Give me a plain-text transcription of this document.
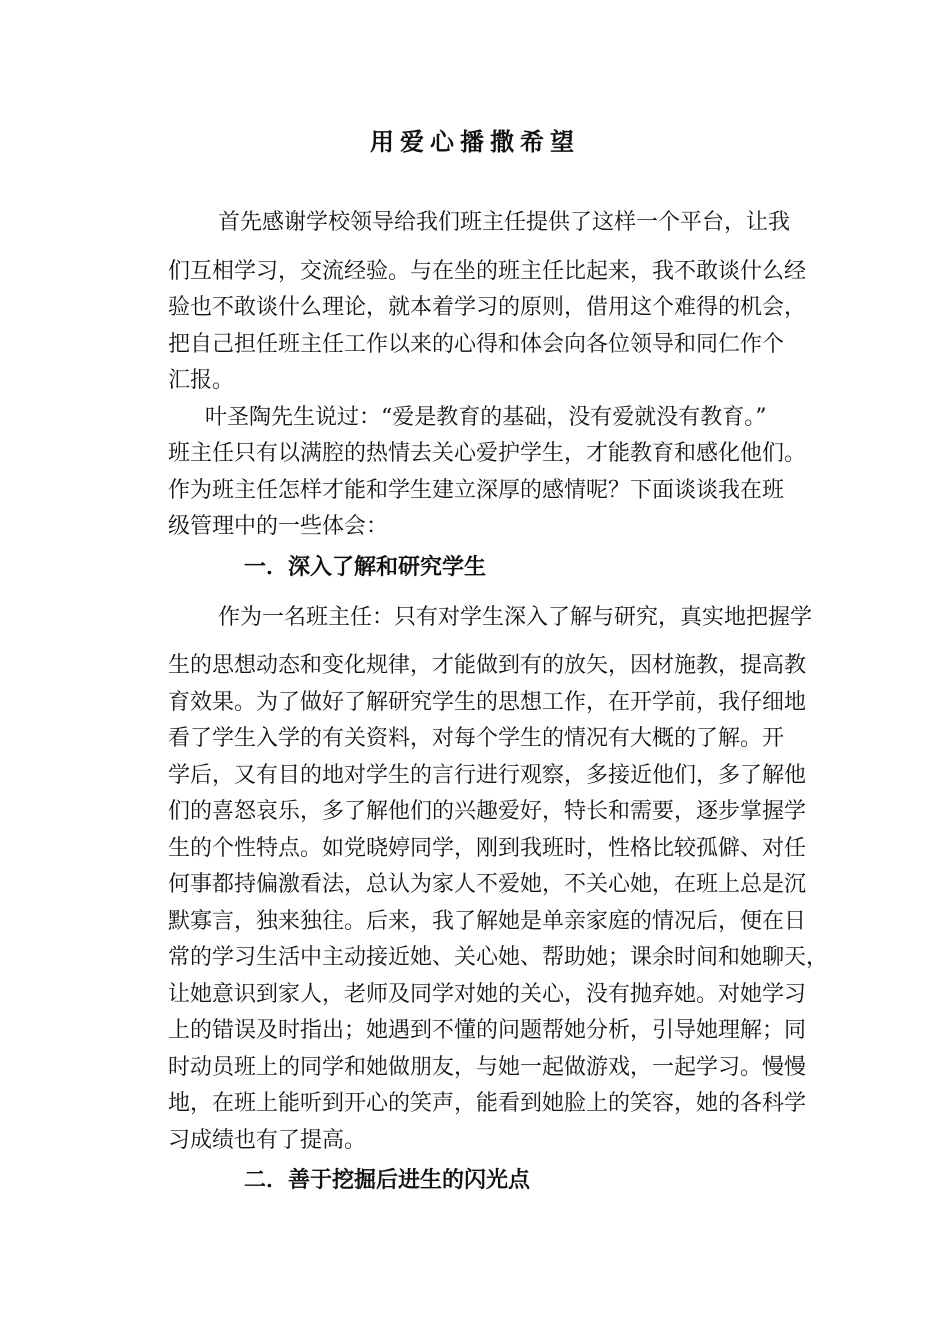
用爱心播撒希望
首先感谢学校领导给我们班主任提供了这样一个平台，让我
们互相学习，交流经验。与在坐的班主任比起来，我不敢谈什么经
验也不敢谈什么理论，就本着学习的原则，借用这个难得的机会，
把自己担任班主任工作以来的心得和体会向各位领导和同仁作个
汇报。
叶圣陶先生说过：“爱是教育的基础，没有爱就没有教育。”
班主任只有以满腔的热情去关心爱护学生，才能教育和感化他们。
作为班主任怎样才能和学生建立深厚的感情呢？下面谈谈我在班
级管理中的一些体会：
一．深入了解和研究学生
作为一名班主任：只有对学生深入了解与研究，真实地把握学
生的思想动态和变化规律，才能做到有的放矢，因材施教，提高教
育效果。为了做好了解研究学生的思想工作，在开学前，我仔细地
看了学生入学的有关资料，对每个学生的情况有大概的了解。开
学后，又有目的地对学生的言行进行观察，多接近他们，多了解他
们的喜怒哀乐，多了解他们的兴趣爱好，特长和需要，逐步掌握学
生的个性特点。如党晓婷同学，刚到我班时，性格比较孤僻、对任
何事都持偏激看法，总认为家人不爱她，不关心她，在班上总是沉
默寡言，独来独往。后来，我了解她是单亲家庭的情况后，便在日
常的学习生活中主动接近她、关心她、帮助她；课余时间和她聊天，
让她意识到家人，老师及同学对她的关心，没有抛弃她。对她学习
上的错误及时指出；她遇到不懂的问题帮她分析，引导她理解；同
时动员班上的同学和她做朋友，与她一起做游戏，一起学习。慢慢
地，在班上能听到开心的笑声，能看到她脸上的笑容，她的各科学
习成绩也有了提高。
二．善于挖掘后进生的闪光点
